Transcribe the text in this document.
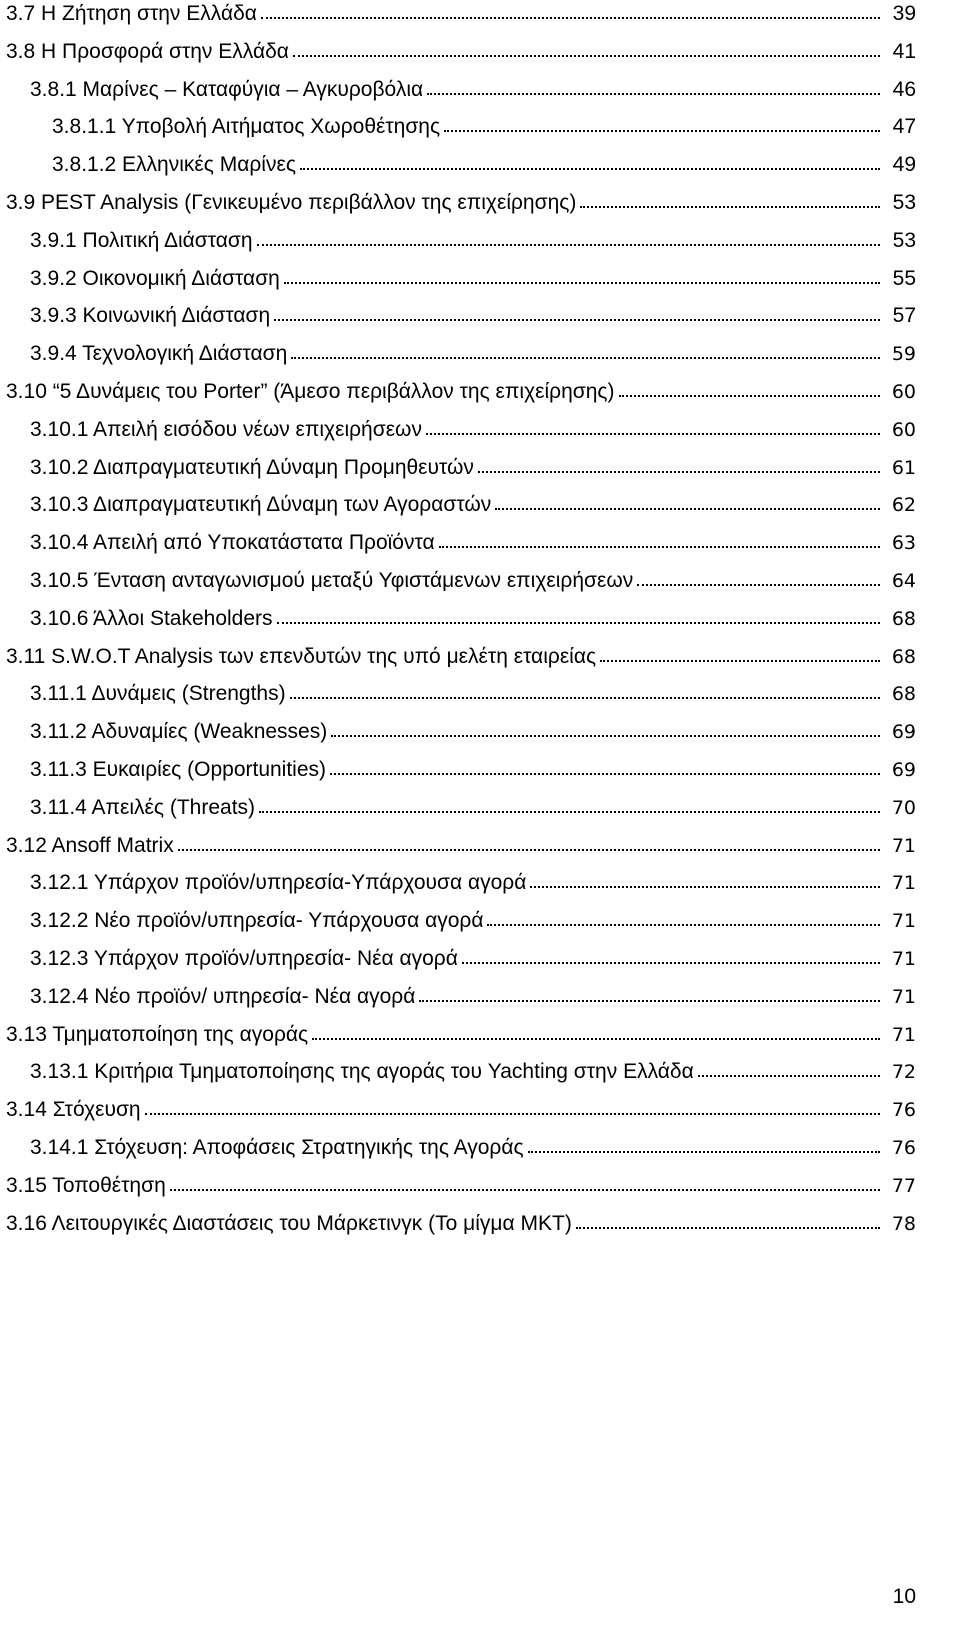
3.7 Η Ζήτηση στην Ελλάδα	39
3.8 Η Προσφορά στην Ελλάδα	41
3.8.1 Μαρίνες – Καταφύγια – Αγκυροβόλια	46
3.8.1.1 Υποβολή Αιτήματος Χωροθέτησης	47
3.8.1.2 Ελληνικές Μαρίνες	49
3.9 PEST Analysis (Γενικευμένο περιβάλλον της επιχείρησης)	53
3.9.1 Πολιτική Διάσταση	53
3.9.2 Οικονομική Διάσταση	55
3.9.3 Κοινωνική Διάσταση	57
3.9.4 Τεχνολογική Διάσταση	59
3.10 “5 Δυνάμεις του Porter” (Άμεσο περιβάλλον της επιχείρησης)	60
3.10.1 Απειλή εισόδου νέων επιχειρήσεων	60
3.10.2 Διαπραγματευτική Δύναμη Προμηθευτών	61
3.10.3 Διαπραγματευτική Δύναμη των Αγοραστών	62
3.10.4 Απειλή από Υποκατάστατα Προϊόντα	63
3.10.5 Ένταση ανταγωνισμού μεταξύ Υφιστάμενων επιχειρήσεων	64
3.10.6 Άλλοι Stakeholders	68
3.11 S.W.O.T Analysis των επενδυτών της υπό μελέτη εταιρείας	68
3.11.1 Δυνάμεις (Strengths)	68
3.11.2 Αδυναμίες (Weaknesses)	69
3.11.3 Ευκαιρίες (Opportunities)	69
3.11.4 Απειλές (Threats)	70
3.12 Ansoff Matrix	71
3.12.1 Υπάρχον προϊόν/υπηρεσία-Υπάρχουσα αγορά	71
3.12.2 Νέο προϊόν/υπηρεσία- Υπάρχουσα αγορά	71
3.12.3 Υπάρχον προϊόν/υπηρεσία- Νέα αγορά	71
3.12.4 Νέο προϊόν/ υπηρεσία- Νέα αγορά	71
3.13 Τμηματοποίηση της αγοράς	71
3.13.1 Κριτήρια Τμηματοποίησης της αγοράς του Yachting στην Ελλάδα	72
3.14 Στόχευση	76
3.14.1 Στόχευση: Αποφάσεις Στρατηγικής της Αγοράς	76
3.15 Τοποθέτηση	77
3.16 Λειτουργικές Διαστάσεις του Μάρκετινγκ (Το μίγμα ΜΚΤ)	78
10
